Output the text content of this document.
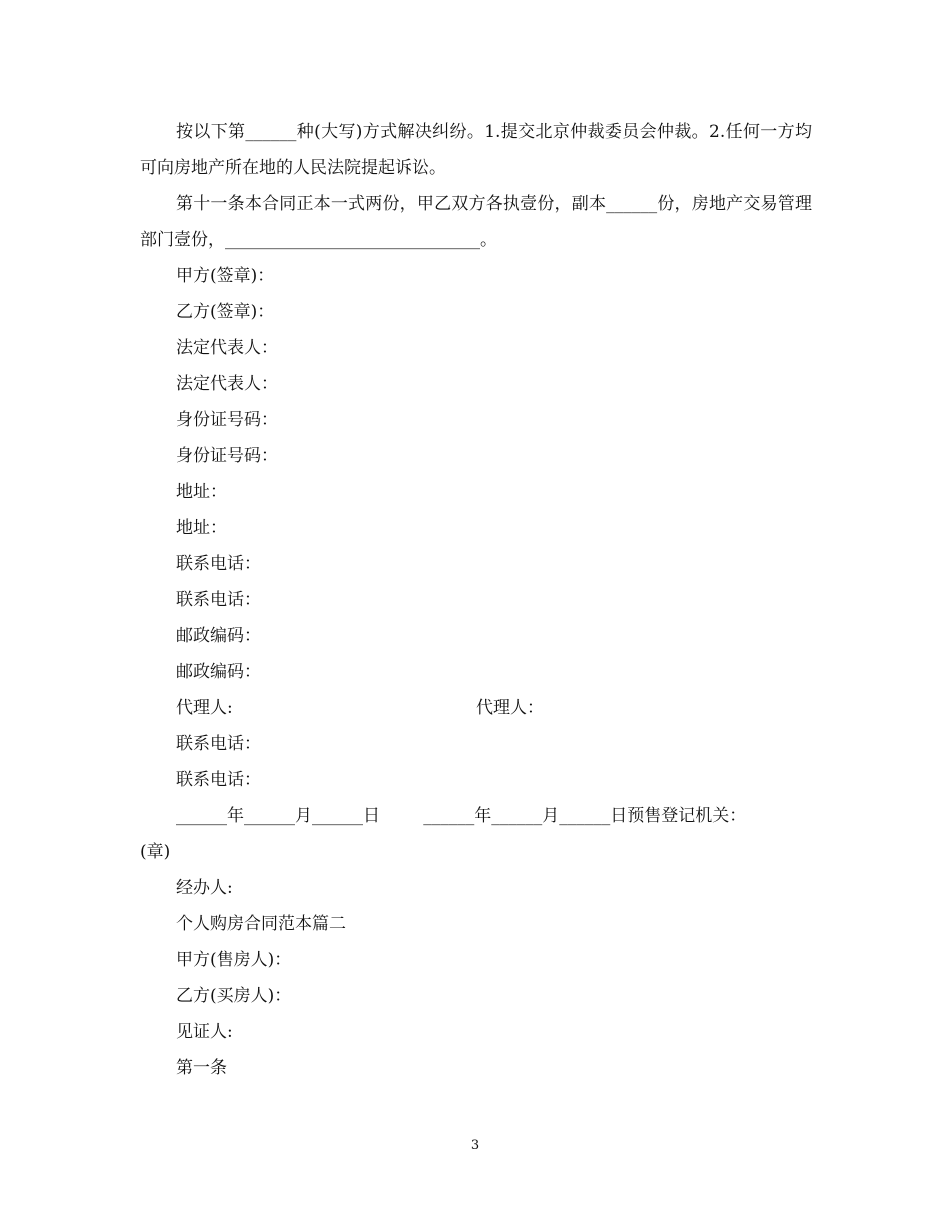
按以下第______种(大写)方式解决纠纷。1.提交北京仲裁委员会仲裁。2.任何一方均可向房地产所在地的人民法院提起诉讼。

第十一条本合同正本一式两份，甲乙双方各执壹份，副本______份，房地产交易管理部门壹份，______________________________。

甲方(签章)：

乙方(签章)：

法定代表人：

法定代表人：

身份证号码：

身份证号码：

地址：

地址：

联系电话：

联系电话：

邮政编码：

邮政编码：

代理人:	代理人：

联系电话：

联系电话：

______年______月______日        ______年______月______日预售登记机关：

(章)

经办人:

个人购房合同范本篇二

甲方(售房人)：

乙方(买房人)：

见证人:

第一条

3
